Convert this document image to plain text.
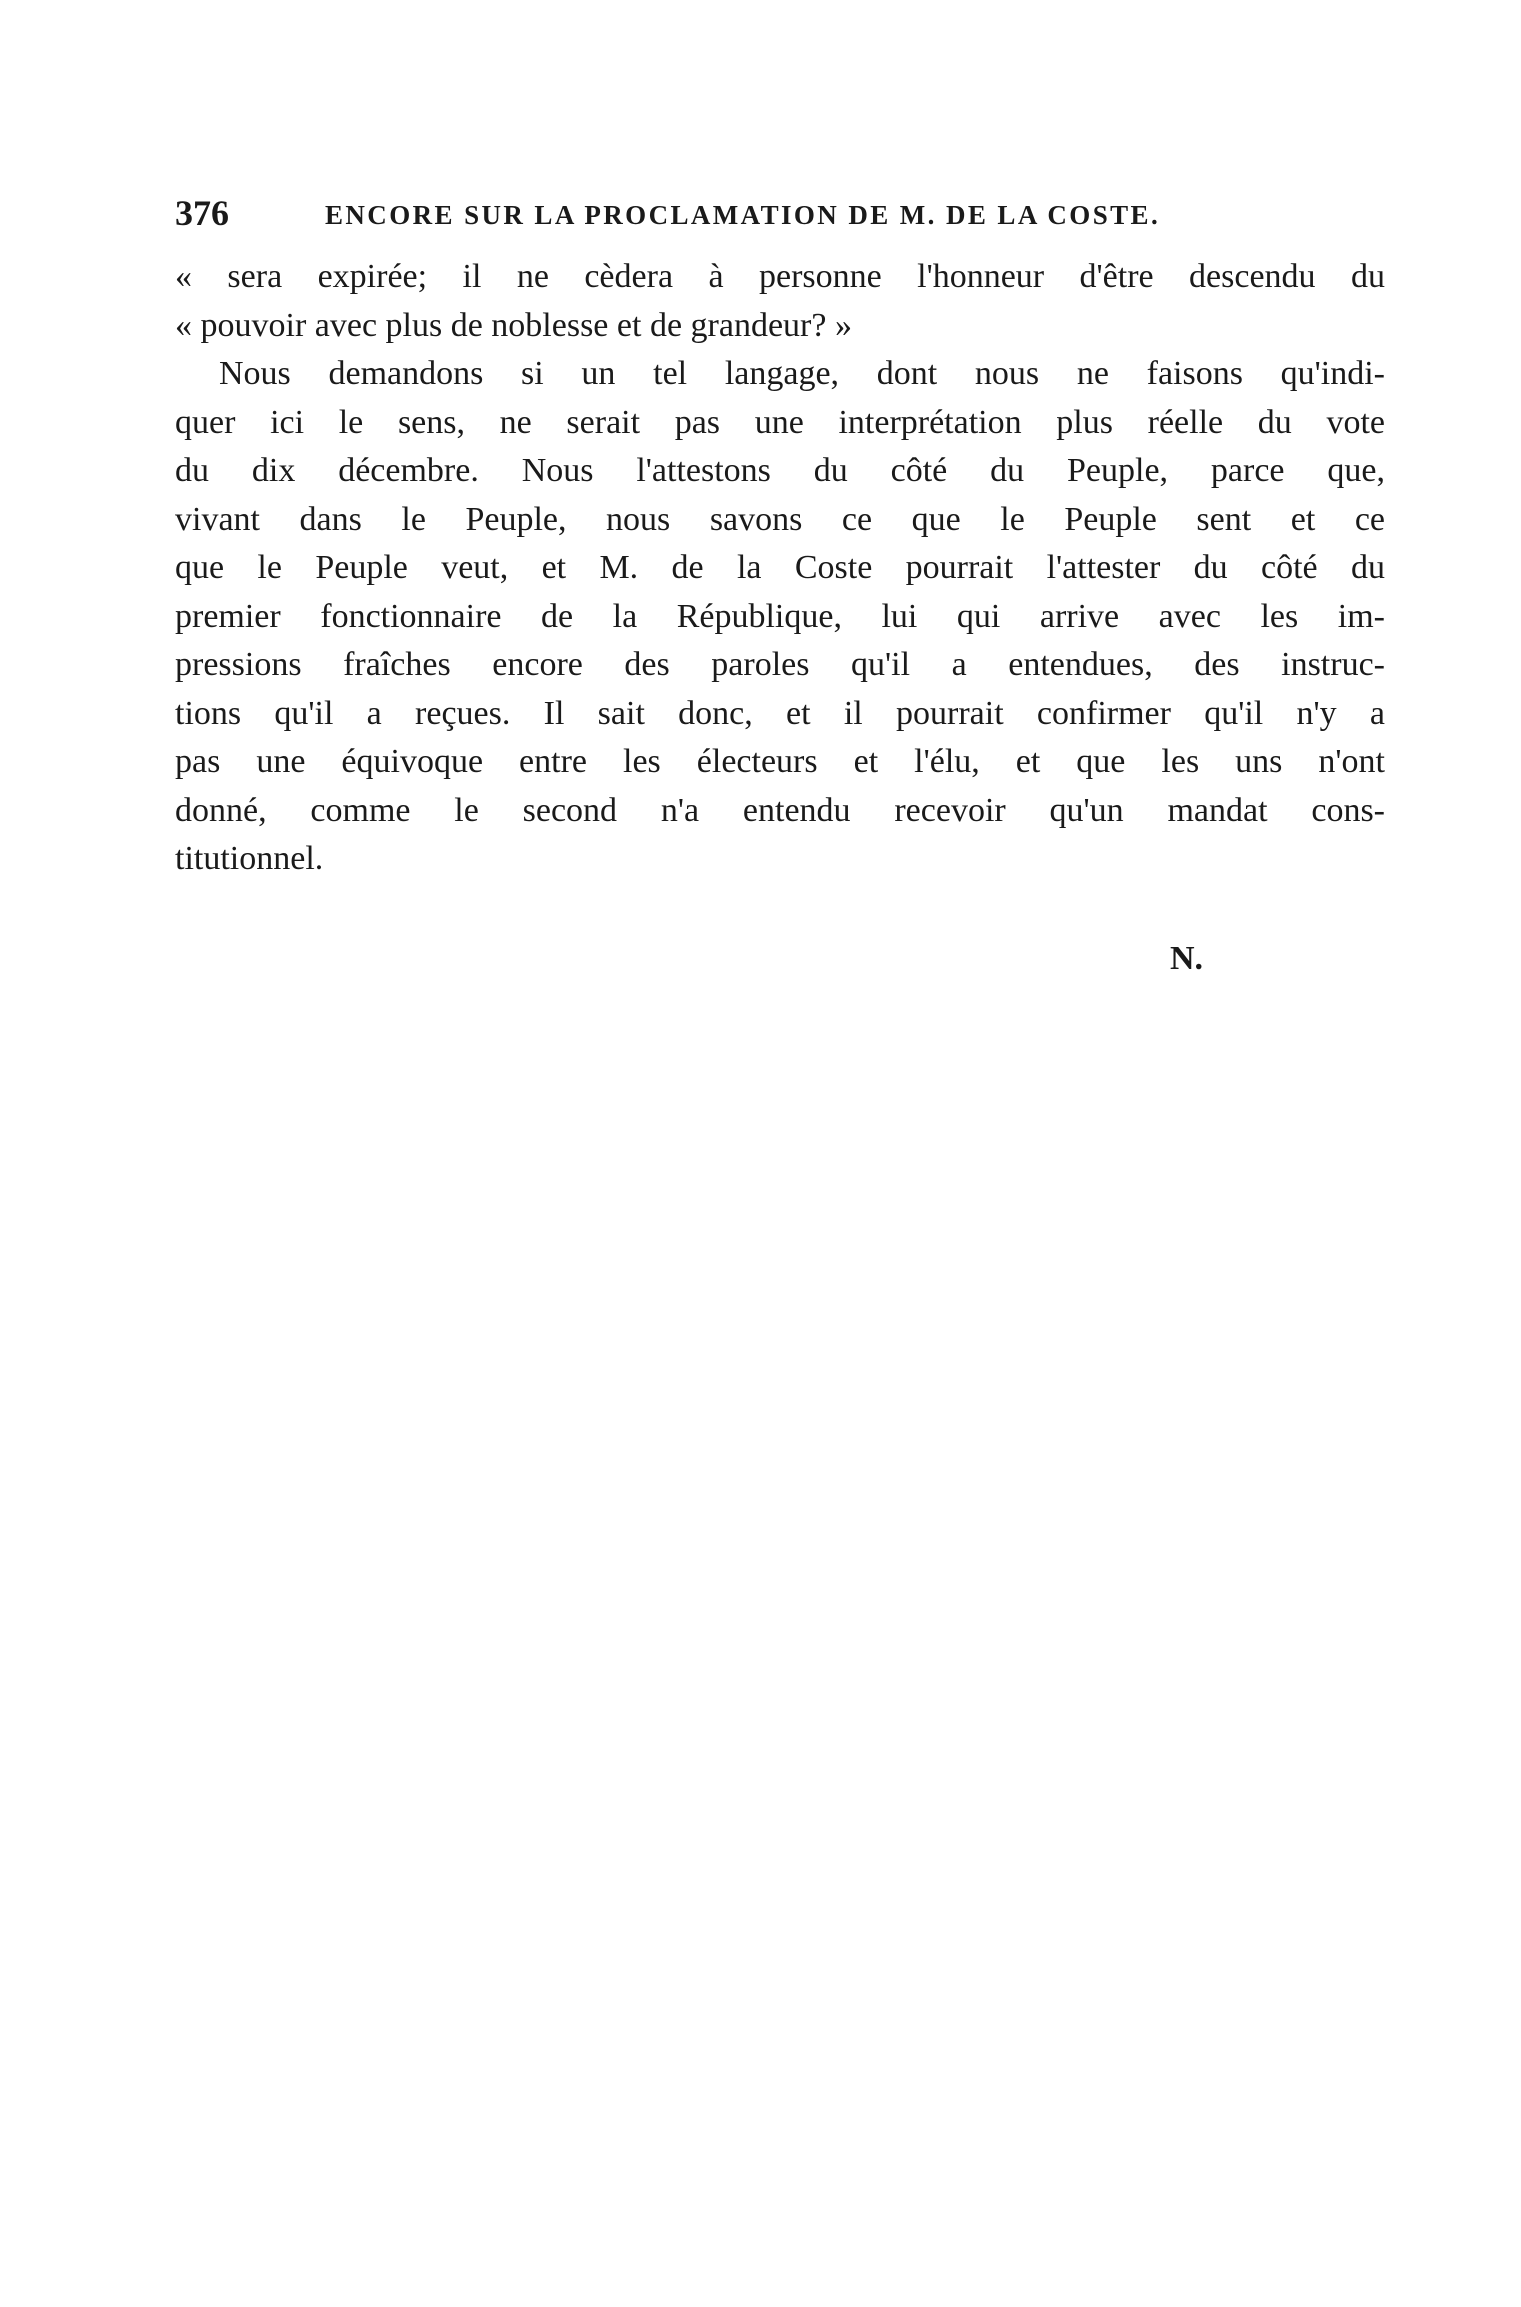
376	ENCORE SUR LA PROCLAMATION DE M. DE LA COSTE.
« sera expirée; il ne cèdera à personne l'honneur d'être descendu du
« pouvoir avec plus de noblesse et de grandeur? »
Nous demandons si un tel langage, dont nous ne faisons qu'indi-
quer ici le sens, ne serait pas une interprétation plus réelle du vote
du dix décembre. Nous l'attestons du côté du Peuple, parce que,
vivant dans le Peuple, nous savons ce que le Peuple sent et ce
que le Peuple veut, et M. de la Coste pourrait l'attester du côté du
premier fonctionnaire de la République, lui qui arrive avec les im-
pressions fraîches encore des paroles qu'il a entendues, des instruc-
tions qu'il a reçues. Il sait donc, et il pourrait confirmer qu'il n'y a
pas une équivoque entre les électeurs et l'élu, et que les uns n'ont
donné, comme le second n'a entendu recevoir qu'un mandat cons-
titutionnel.
N.
